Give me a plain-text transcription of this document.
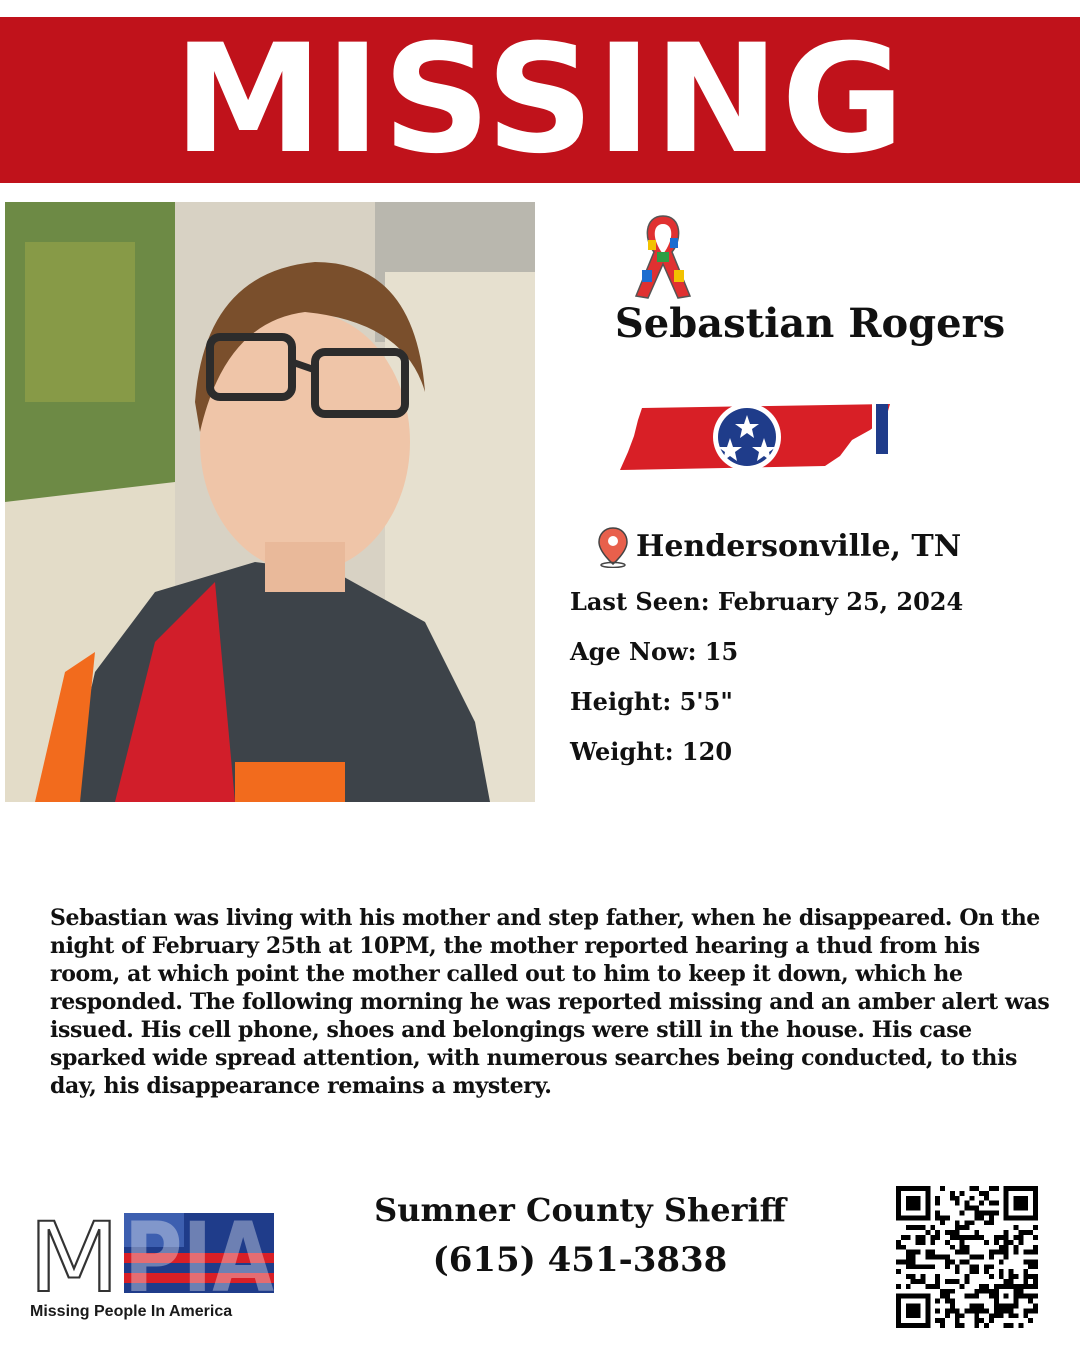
MISSING
Sebastian Rogers
Hendersonville, TN
Last Seen: February 25, 2024
Age Now: 15
Height: 5'5"
Weight: 120

Sebastian was living with his mother and step father, when he disappeared. On the night of February 25th at 10PM, the mother reported hearing a thud from his room, at which point the mother called out to him to keep it down, which he responded. The following morning he was reported missing and an amber alert was issued. His cell phone, shoes and belongings were still in the house. His case sparked wide spread attention, with numerous searches being conducted, to this day, his disappearance remains a mystery.

M PIA
Missing People In America
Sumner County Sheriff
(615) 451-3838
